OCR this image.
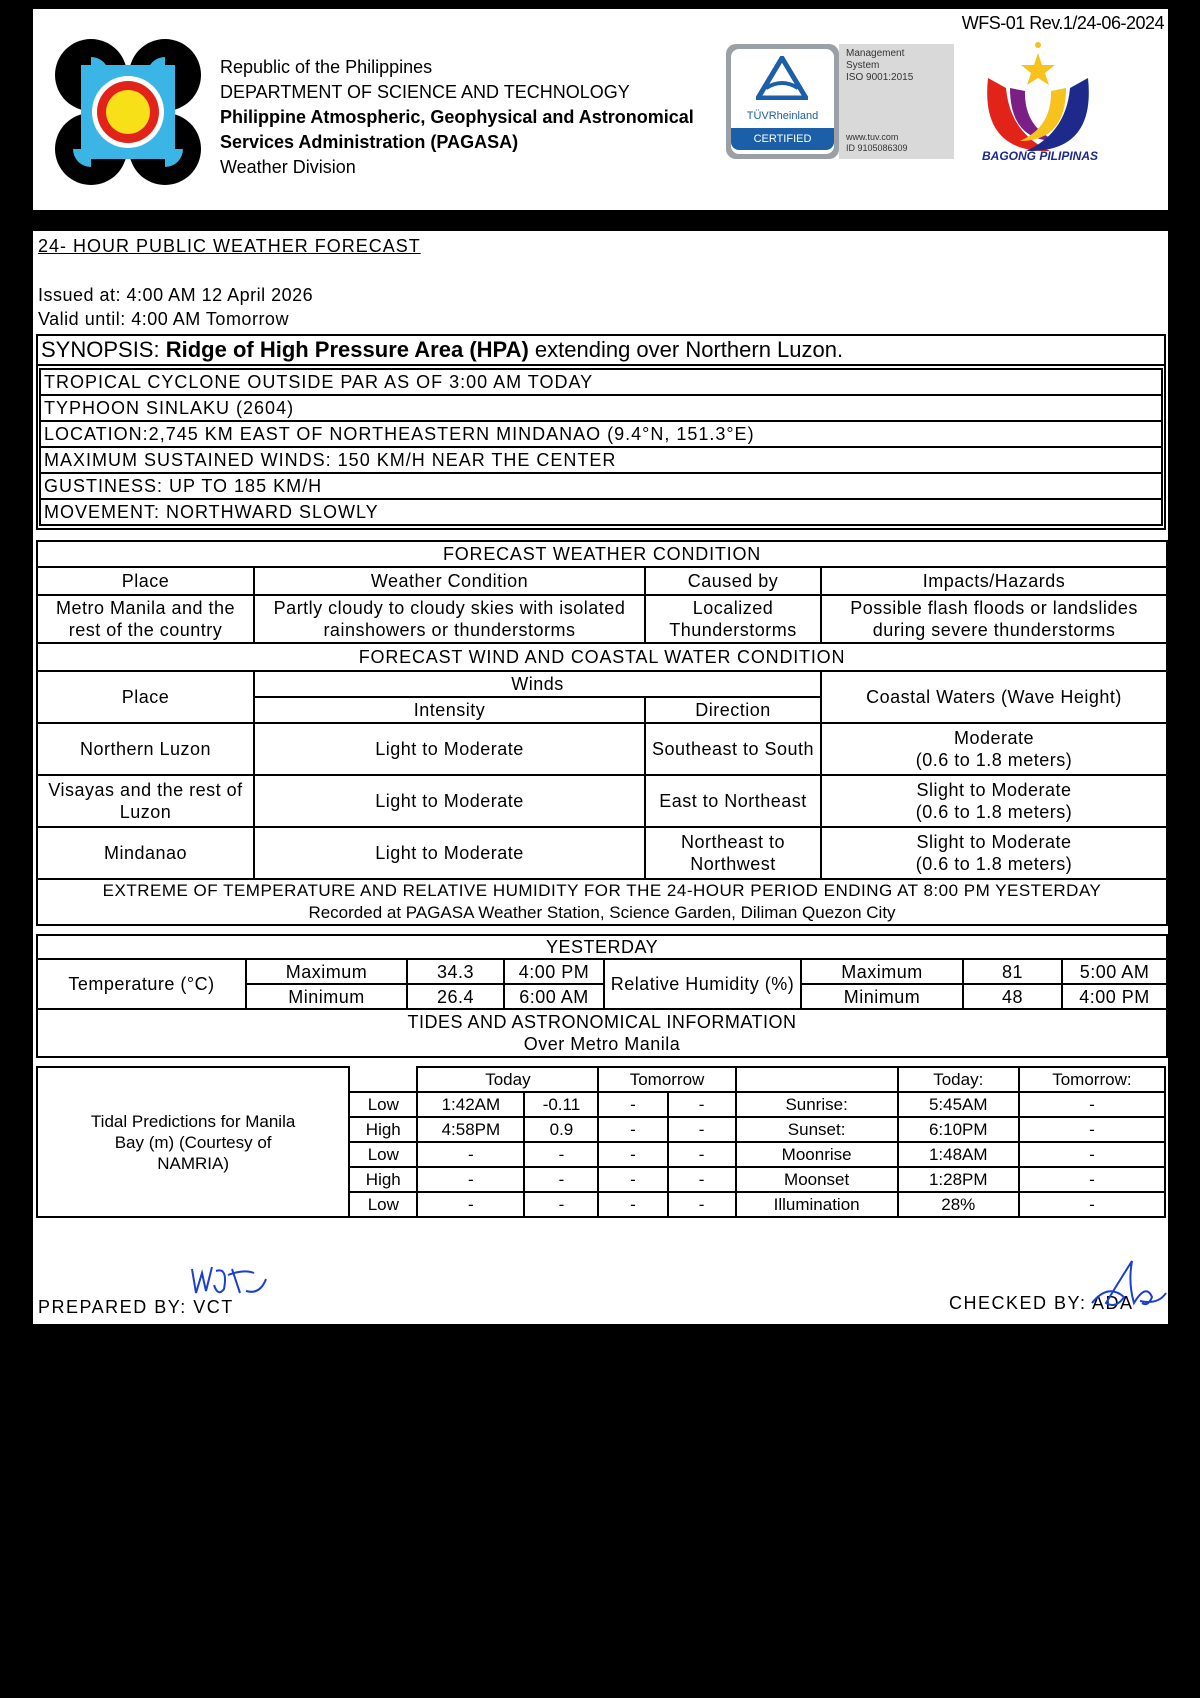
WFS-01 Rev.1/24-06-2024
Republic of the Philippines
DEPARTMENT OF SCIENCE AND TECHNOLOGY
Philippine Atmospheric, Geophysical and Astronomical
Services Administration (PAGASA)
Weather Division
TÜVRheinland
CERTIFIED
Management
System
ISO 9001:2015
www.tuv.com
ID 9105086309
BAGONG PILIPINAS
24- HOUR PUBLIC WEATHER FORECAST
Issued at: 4:00 AM 12 April 2026
Valid until: 4:00 AM Tomorrow
SYNOPSIS: Ridge of High Pressure Area (HPA) extending over Northern Luzon.

TROPICAL CYCLONE OUTSIDE PAR AS OF 3:00 AM TODAY
TYPHOON SINLAKU (2604)
LOCATION:2,745 KM EAST OF NORTHEASTERN MINDANAO (9.4°N, 151.3°E)
MAXIMUM SUSTAINED WINDS: 150 KM/H NEAR THE CENTER
GUSTINESS: UP TO 185 KM/H
MOVEMENT: NORTHWARD SLOWLY
FORECAST WEATHER CONDITION			
Place	Weather Condition	Caused by	Impacts/Hazards
Metro Manila and the rest of the country	Partly cloudy to cloudy skies with isolated rainshowers or thunderstorms	Localized Thunderstorms	Possible flash floods or landslides during severe thunderstorms
FORECAST WIND AND COASTAL WATER CONDITION			
Place	Winds		Coastal Waters (Wave Height)
	Intensity	Direction	
Northern Luzon	Light to Moderate	Southeast to South	Moderate
(0.6 to 1.8 meters)

Visayas and the rest of Luzon	Light to Moderate	East to Northeast	Slight to Moderate
(0.6 to 1.8 meters)

Mindanao	Light to Moderate	Northeast to Northwest	Slight to Moderate
(0.6 to 1.8 meters)

EXTREME OF TEMPERATURE AND RELATIVE HUMIDITY FOR THE 24-HOUR PERIOD ENDING AT 8:00 PM YESTERDAY
Recorded at PAGASA Weather Station, Science Garden, Diliman Quezon City			
YESTERDAY							
Temperature (°C)	Maximum	34.3	4:00 PM	Relative Humidity (%)	Maximum	81	5:00 AM
	Minimum	26.4	6:00 AM		Minimum	48	4:00 PM

TIDES AND ASTRONOMICAL INFORMATION
Over Metro Manila							
Tidal Predictions for Manila Bay (m) (Courtesy of NAMRIA)		Today		Tomorrow			Today:	Tomorrow:
	Low	1:42AM	-0.11	-	-	Sunrise:	5:45AM	-
	High	4:58PM	0.9	-	-	Sunset:	6:10PM	-
	Low	-	-	-	-	Moonrise	1:48AM	-
	High	-	-	-	-	Moonset	1:28PM	-
	Low	-	-	-	-	Illumination	28%	-
PREPARED BY: VCT	CHECKED BY: ADA
